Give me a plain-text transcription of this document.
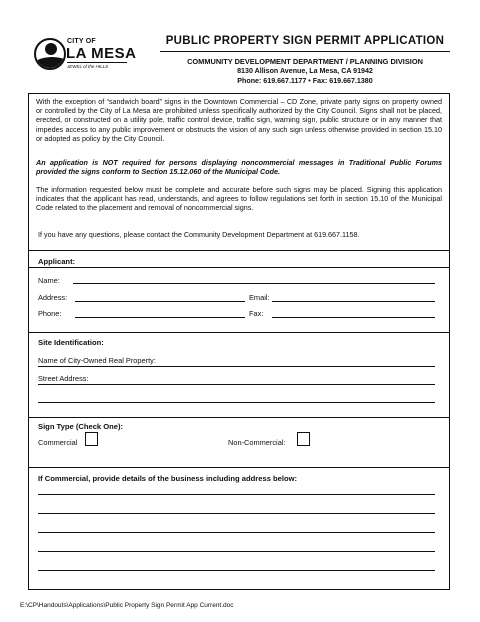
CITY OF
LA MESA
JEWEL of the HILLS
PUBLIC PROPERTY SIGN PERMIT APPLICATION
COMMUNITY DEVELOPMENT DEPARTMENT / PLANNING DIVISION
8130 Allison Avenue, La Mesa, CA 91942
Phone: 619.667.1177 • Fax: 619.667.1380
With the exception of “sandwich board” signs in the Downtown Commercial – CD Zone, private party signs on property owned or controlled by the City of La Mesa are prohibited unless specifically authorized by the City Council. Signs shall not be placed, erected, or constructed on a utility pole, traffic control device, traffic sign, warning sign, public structure or in any manner that impedes access to any public improvement or obstructs the vision of any such sign unless otherwise provided in section 15.10 or adopted as policy by the City Council.
An application is NOT required for persons displaying noncommercial messages in Traditional Public Forums provided the signs conform to Section 15.12.060 of the Municipal Code.
The information requested below must be complete and accurate before such signs may be placed. Signing this application indicates that the applicant has read, understands, and agrees to follow regulations set forth in section 15.10 of the Municipal Code related to the placement and removal of noncommercial signs.
If you have any questions, please contact the Community Development Department at 619.667.1158.
Applicant:
Name:
Address:	Email:
Phone:	Fax:
Site Identification:
Name of City-Owned Real Property:
Street Address:
Sign Type (Check One):
Commercial	Non-Commercial:
If Commercial, provide details of the business including address below:
E:\CP\Handouts\Applications\Public Property Sign Permit App Current.doc
